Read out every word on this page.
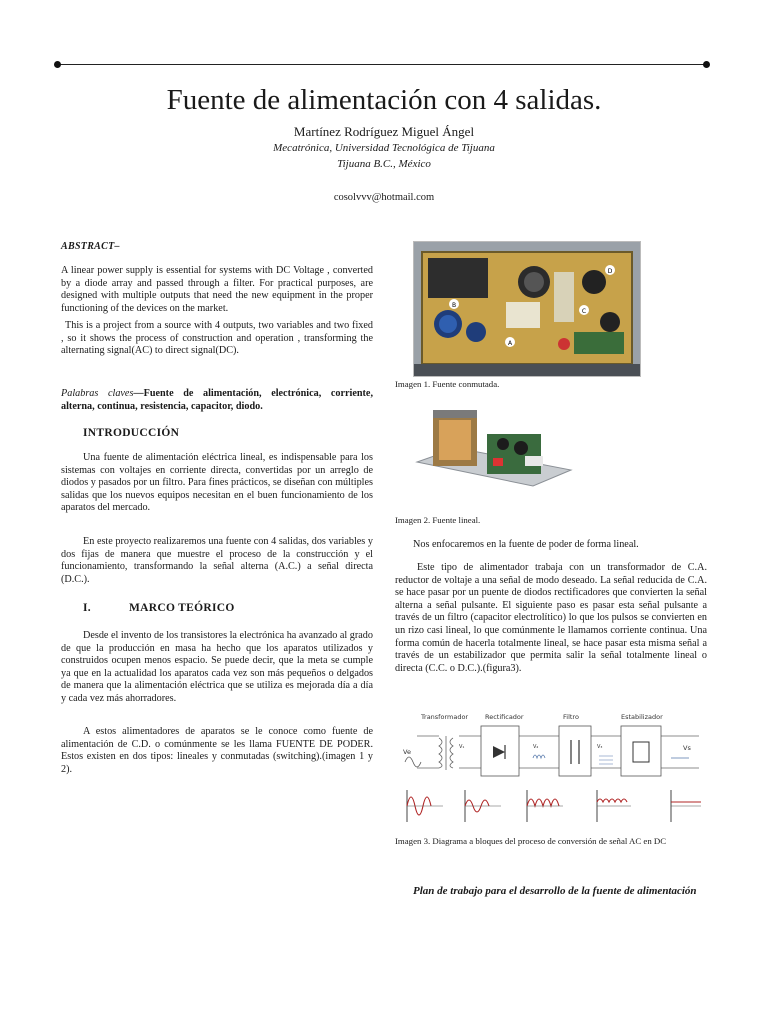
Fuente de alimentación con 4 salidas.
Martínez Rodríguez Miguel Ángel
Mecatrónica, Universidad Tecnológica de Tijuana
Tijuana B.C., México
cosolvvv@hotmail.com
ABSTRACT–
A linear power supply is essential for systems with DC Voltage , converted by a diode array and passed through a filter. For practical purposes, are designed with multiple outputs that need the new equipment in the proper functioning of the devices on the market.
This is a project from a source with 4 outputs, two variables and two fixed , so it shows the process of construction and operation , transforming the alternating signal(AC) to direct signal(DC).
Palabras claves—Fuente de alimentación, electrónica, corriente, alterna, continua, resistencia, capacitor, diodo.
INTRODUCCIÓN
Una fuente de alimentación eléctrica lineal, es indispensable para los sistemas con voltajes en corriente directa, convertidas por un arreglo de diodos y pasados por un filtro. Para fines prácticos, se diseñan con múltiples salidas que los nuevos equipos necesitan en el buen funcionamiento de los aparatos del mercado.
En este proyecto realizaremos una fuente con 4 salidas, dos variables y dos fijas de manera que muestre el proceso de la construcción y el funcionamiento, transformando la señal alterna (A.C.) a señal directa (D.C.).
I.	MARCO TEÓRICO
Desde el invento de los transistores la electrónica ha avanzado al grado de que la producción en masa ha hecho que los aparatos utilizados y construidos ocupen menos espacio. Se puede decir, que la meta se cumple ya que en la actualidad los aparatos cada vez son más pequeños o delgados de manera que la alimentación eléctrica que se utiliza es mejorada día a día y cada vez más ahorradores.
A estos alimentadores de aparatos se le conoce como fuente de alimentación de C.D. o comúnmente se les llama FUENTE DE PODER. Estos existen en dos tipos: lineales y conmutadas (switching).(imagen 1 y 2).
C
A
B
D
Imagen 1. Fuente conmutada.
Imagen 2. Fuente lineal.
Nos enfocaremos en la fuente de poder de forma lineal.
Este tipo de alimentador trabaja con un transformador de C.A. reductor de voltaje a una señal de modo deseado. La señal reducida de C.A. se hace pasar por un puente de diodos rectificadores que convierten la señal alterna a señal pulsante. El siguiente paso es pasar esta señal pulsante a través de un filtro (capacitor electrolítico) lo que los pulsos se convierten en un rizo casi lineal, lo que comúnmente le llamamos corriente continua. Una forma común de hacerla totalmente lineal, se hace pasar esta misma señal a través de un estabilizador que permita salir la señal totalmente lineal o directa (C.C. o D.C.).(figura3).
Transformador	Rectificador	Filtro	Estabilizador
Ve	Vs
V₁	V₂	V₃
Imagen 3. Diagrama a bloques del proceso de conversión de señal AC en DC
Plan de trabajo para el desarrollo de la fuente de alimentación
